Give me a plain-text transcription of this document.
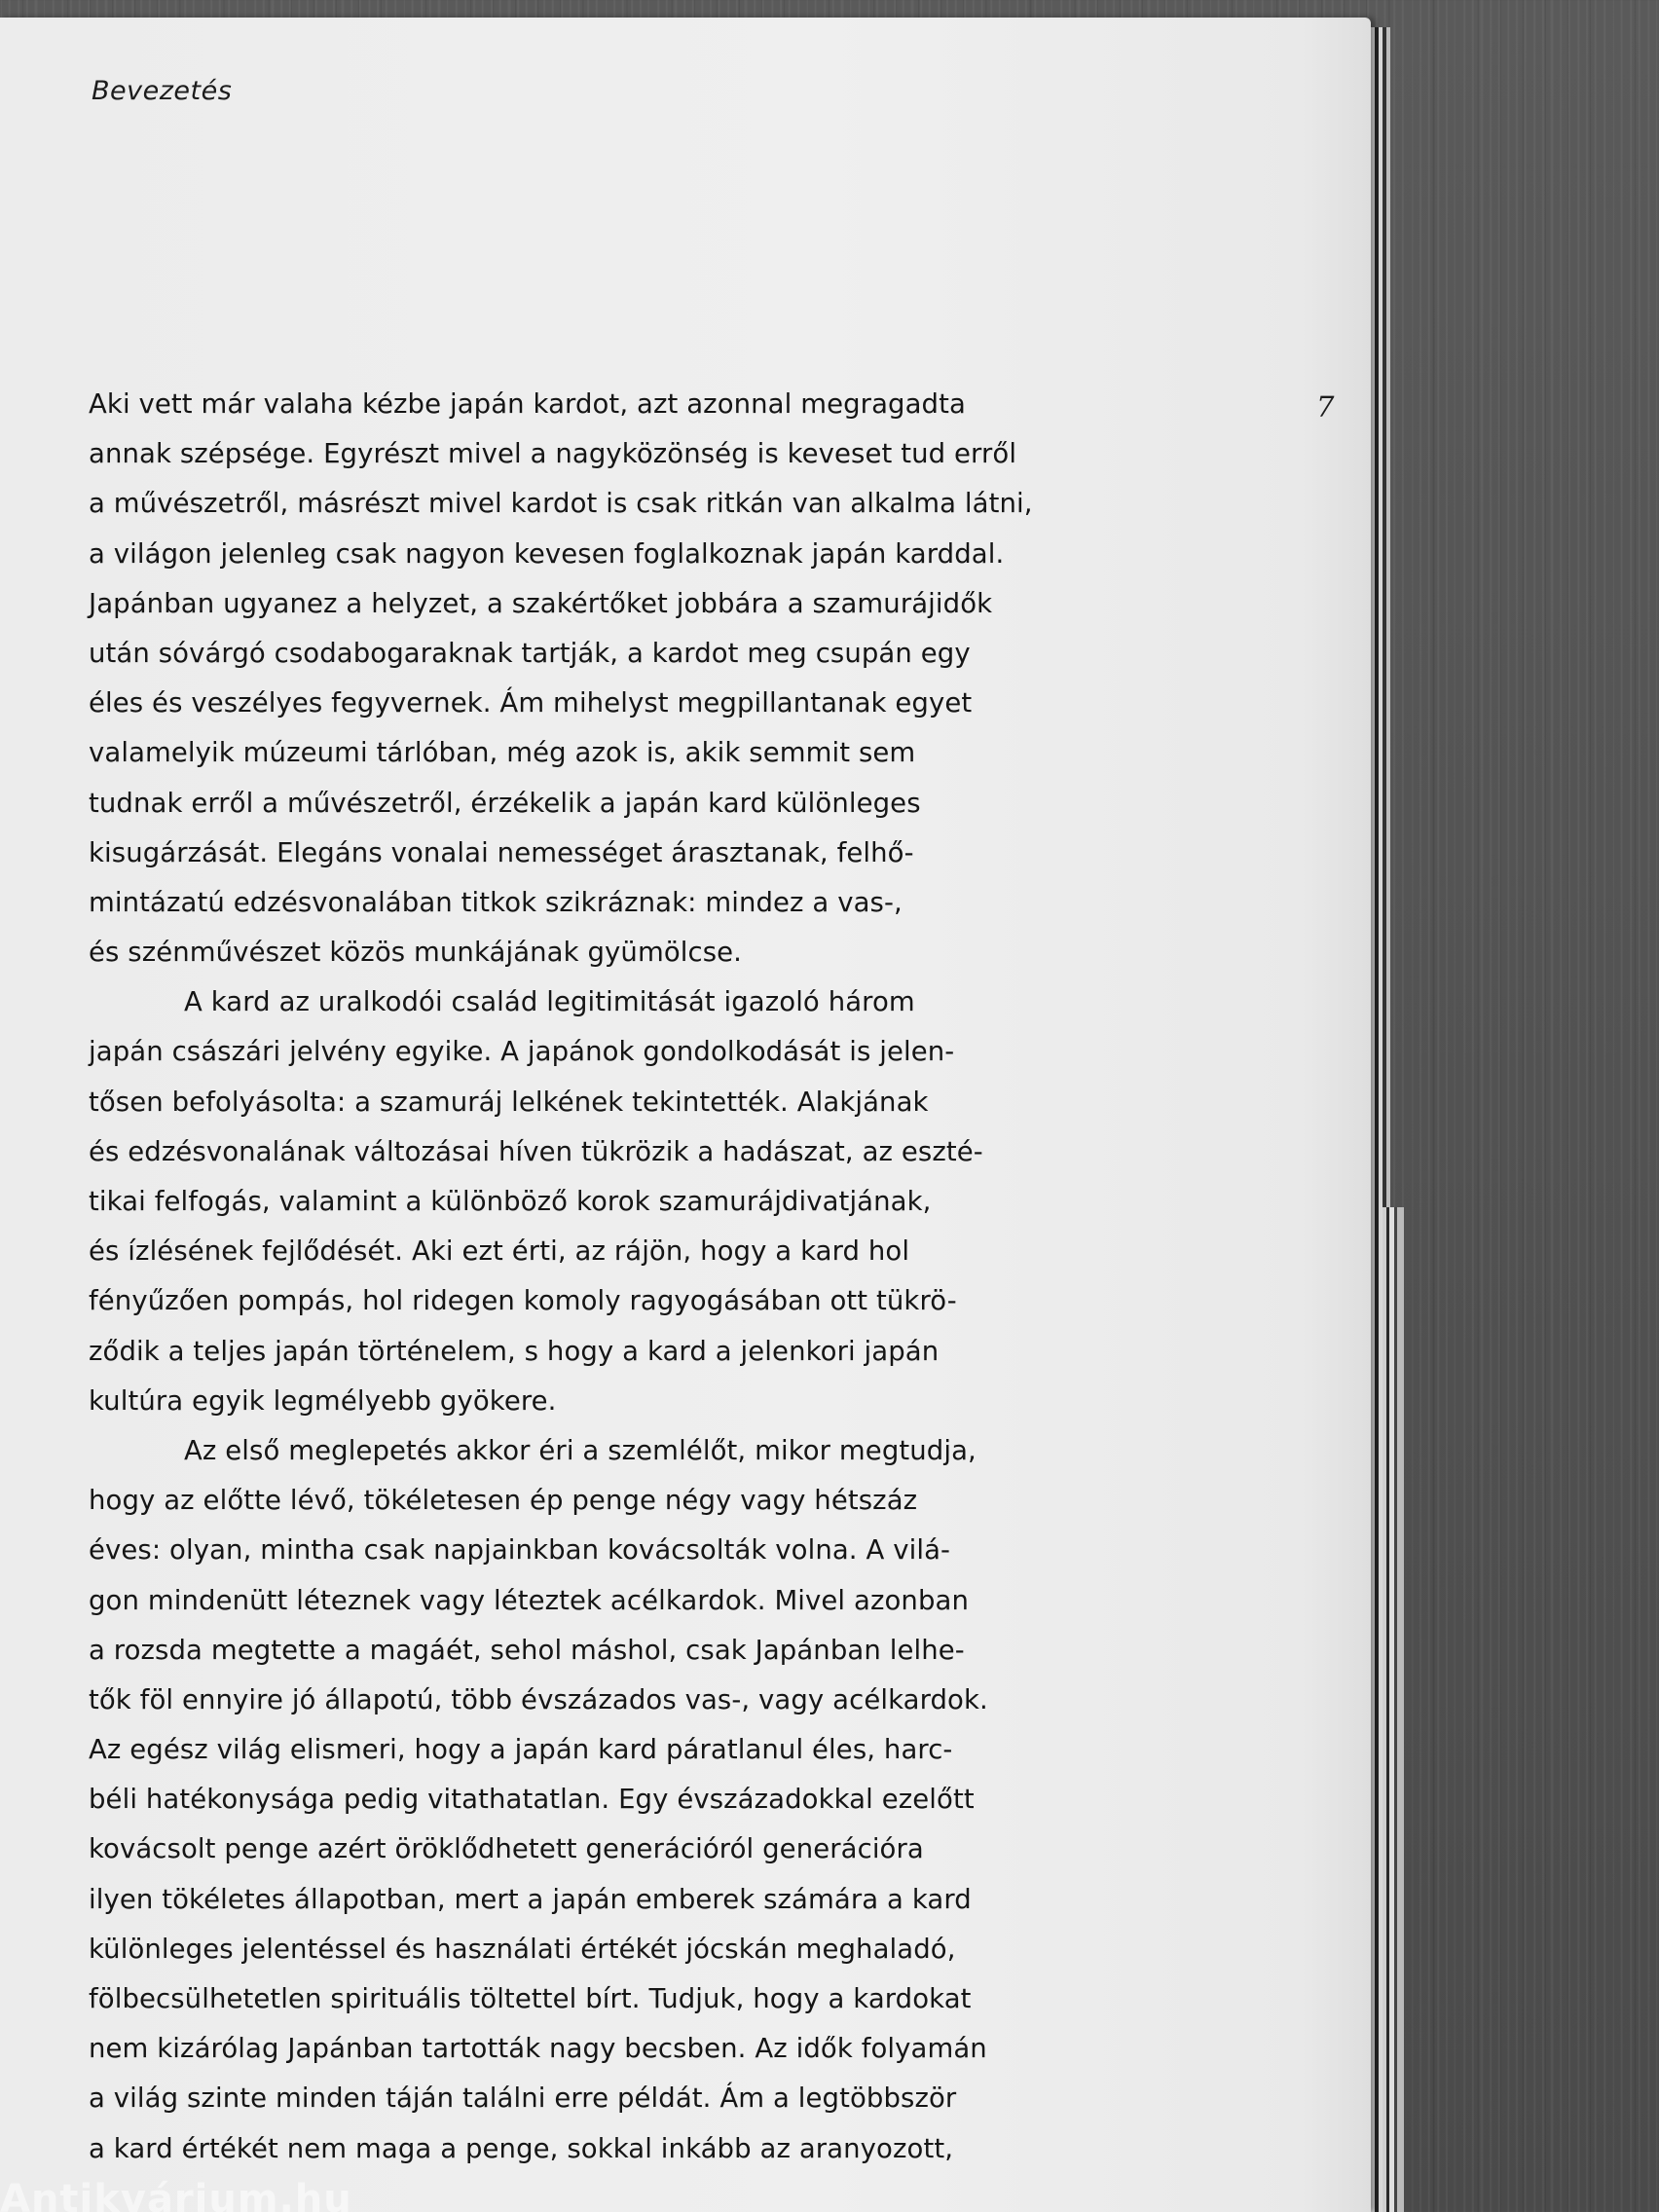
Bevezetés
7
Aki vett már valaha kézbe japán kardot, azt azonnal megragadta
annak szépsége. Egyrészt mivel a nagyközönség is keveset tud erről
a művészetről, másrészt mivel kardot is csak ritkán van alkalma látni,
a világon jelenleg csak nagyon kevesen foglalkoznak japán karddal.
Japánban ugyanez a helyzet, a szakértőket jobbára a szamurájidők
után sóvárgó csodabogaraknak tartják, a kardot meg csupán egy
éles és veszélyes fegyvernek. Ám mihelyst megpillantanak egyet
valamelyik múzeumi tárlóban, még azok is, akik semmit sem
tudnak erről a művészetről, érzékelik a japán kard különleges
kisugárzását. Elegáns vonalai nemességet árasztanak, felhő-
mintázatú edzésvonalában titkok szikráznak: mindez a vas-,
és szénművészet közös munkájának gyümölcse.
A kard az uralkodói család legitimitását igazoló három
japán császári jelvény egyike. A japánok gondolkodását is jelen-
tősen befolyásolta: a szamuráj lelkének tekintették. Alakjának
és edzésvonalának változásai híven tükrözik a hadászat, az eszté-
tikai felfogás, valamint a különböző korok szamurájdivatjának,
és ízlésének fejlődését. Aki ezt érti, az rájön, hogy a kard hol
fényűzően pompás, hol ridegen komoly ragyogásában ott tükrö-
ződik a teljes japán történelem, s hogy a kard a jelenkori japán
kultúra egyik legmélyebb gyökere.
Az első meglepetés akkor éri a szemlélőt, mikor megtudja,
hogy az előtte lévő, tökéletesen ép penge négy vagy hétszáz
éves: olyan, mintha csak napjainkban kovácsolták volna. A vilá-
gon mindenütt léteznek vagy léteztek acélkardok. Mivel azonban
a rozsda megtette a magáét, sehol máshol, csak Japánban lelhe-
tők föl ennyire jó állapotú, több évszázados vas-, vagy acélkardok.
Az egész világ elismeri, hogy a japán kard páratlanul éles, harc-
béli hatékonysága pedig vitathatatlan. Egy évszázadokkal ezelőtt
kovácsolt penge azért öröklődhetett generációról generációra
ilyen tökéletes állapotban, mert a japán emberek számára a kard
különleges jelentéssel és használati értékét jócskán meghaladó,
fölbecsülhetetlen spirituális töltettel bírt. Tudjuk, hogy a kardokat
nem kizárólag Japánban tartották nagy becsben. Az idők folyamán
a világ szinte minden táján találni erre példát. Ám a legtöbbször
a kard értékét nem maga a penge, sokkal inkább az aranyozott,
Antikvárium.hu
